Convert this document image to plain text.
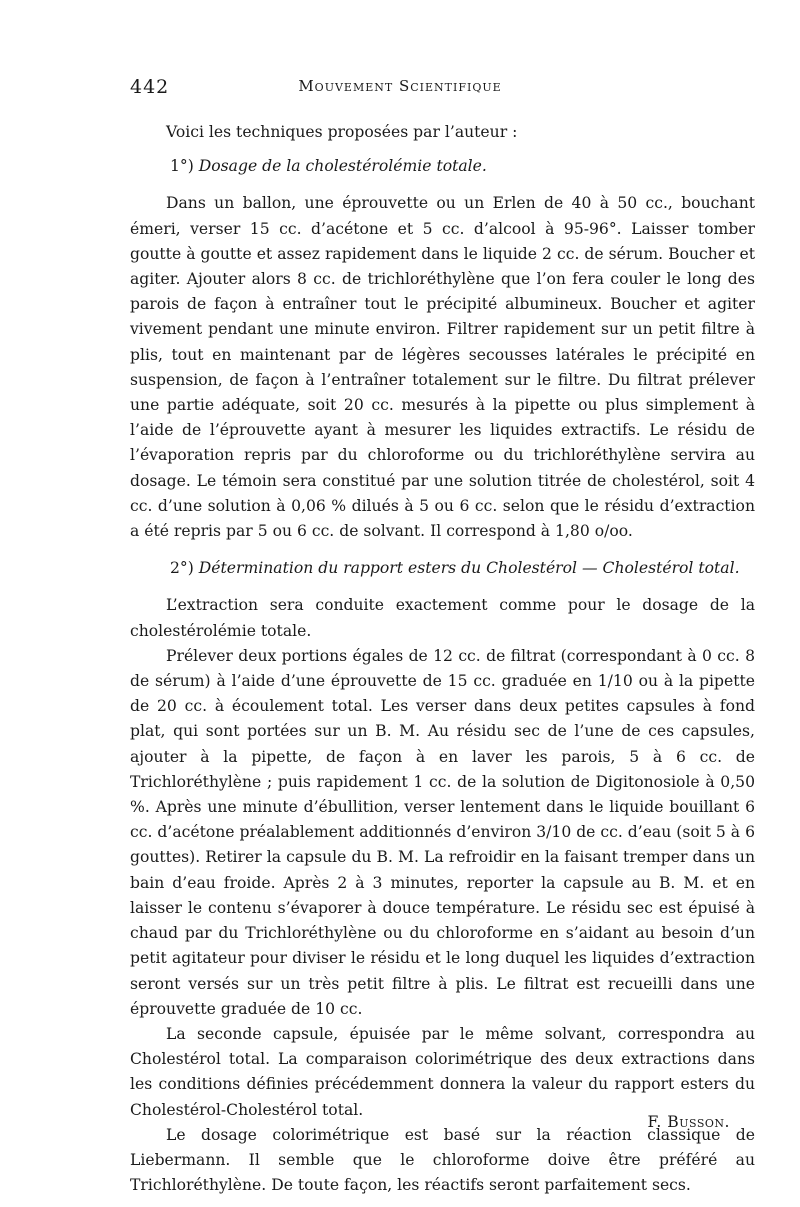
442	Mouvement Scientifique

Voici les techniques proposées par l’auteur :

1°) Dosage de la cholestérolémie totale.

Dans un ballon, une éprouvette ou un Erlen de 40 à 50 cc., bouchant émeri, verser 15 cc. d’acétone et 5 cc. d’alcool à 95-96°. Laisser tomber goutte à goutte et assez rapidement dans le liquide 2 cc. de sérum. Boucher et agiter. Ajouter alors 8 cc. de trichloréthylène que l’on fera couler le long des parois de façon à entraîner tout le précipité albumineux. Boucher et agiter vivement pendant une minute environ. Filtrer rapidement sur un petit filtre à plis, tout en maintenant par de légères secousses latérales le précipité en suspension, de façon à l’entraîner totalement sur le filtre. Du filtrat prélever une partie adéquate, soit 20 cc. mesurés à la pipette ou plus simplement à l’aide de l’éprouvette ayant à mesurer les liquides extractifs. Le résidu de l’évaporation repris par du chloroforme ou du trichloréthylène servira au dosage. Le témoin sera constitué par une solution titrée de cholestérol, soit 4 cc. d’une solution à 0,06 % dilués à 5 ou 6 cc. selon que le résidu d’extraction a été repris par 5 ou 6 cc. de solvant. Il correspond à 1,80 o/oo.

2°) Détermination du rapport esters du Cholestérol — Cholestérol total.

L’extraction sera conduite exactement comme pour le dosage de la cholestérolémie totale.

Prélever deux portions égales de 12 cc. de filtrat (correspondant à 0 cc. 8 de sérum) à l’aide d’une éprouvette de 15 cc. graduée en 1/10 ou à la pipette de 20 cc. à écoulement total. Les verser dans deux petites capsules à fond plat, qui sont portées sur un B. M. Au résidu sec de l’une de ces capsules, ajouter à la pipette, de façon à en laver les parois, 5 à 6 cc. de Trichloréthylène ; puis rapidement 1 cc. de la solution de Digitonosiole à 0,50 %. Après une minute d’ébullition, verser lentement dans le liquide bouillant 6 cc. d’acétone préalablement additionnés d’environ 3/10 de cc. d’eau (soit 5 à 6 gouttes). Retirer la capsule du B. M. La refroidir en la faisant tremper dans un bain d’eau froide. Après 2 à 3 minutes, reporter la capsule au B. M. et en laisser le contenu s’évaporer à douce température. Le résidu sec est épuisé à chaud par du Trichloréthylène ou du chloroforme en s’aidant au besoin d’un petit agitateur pour diviser le résidu et le long duquel les liquides d’extraction seront versés sur un très petit filtre à plis. Le filtrat est recueilli dans une éprouvette graduée de 10 cc.

La seconde capsule, épuisée par le même solvant, correspondra au Cholestérol total. La comparaison colorimétrique des deux extractions dans les conditions définies précédemment donnera la valeur du rapport esters du Cholestérol-Cholestérol total.

Le dosage colorimétrique est basé sur la réaction classique de Liebermann. Il semble que le chloroforme doive être préféré au Trichloréthylène. De toute façon, les réactifs seront parfaitement secs.

F. Busson.
